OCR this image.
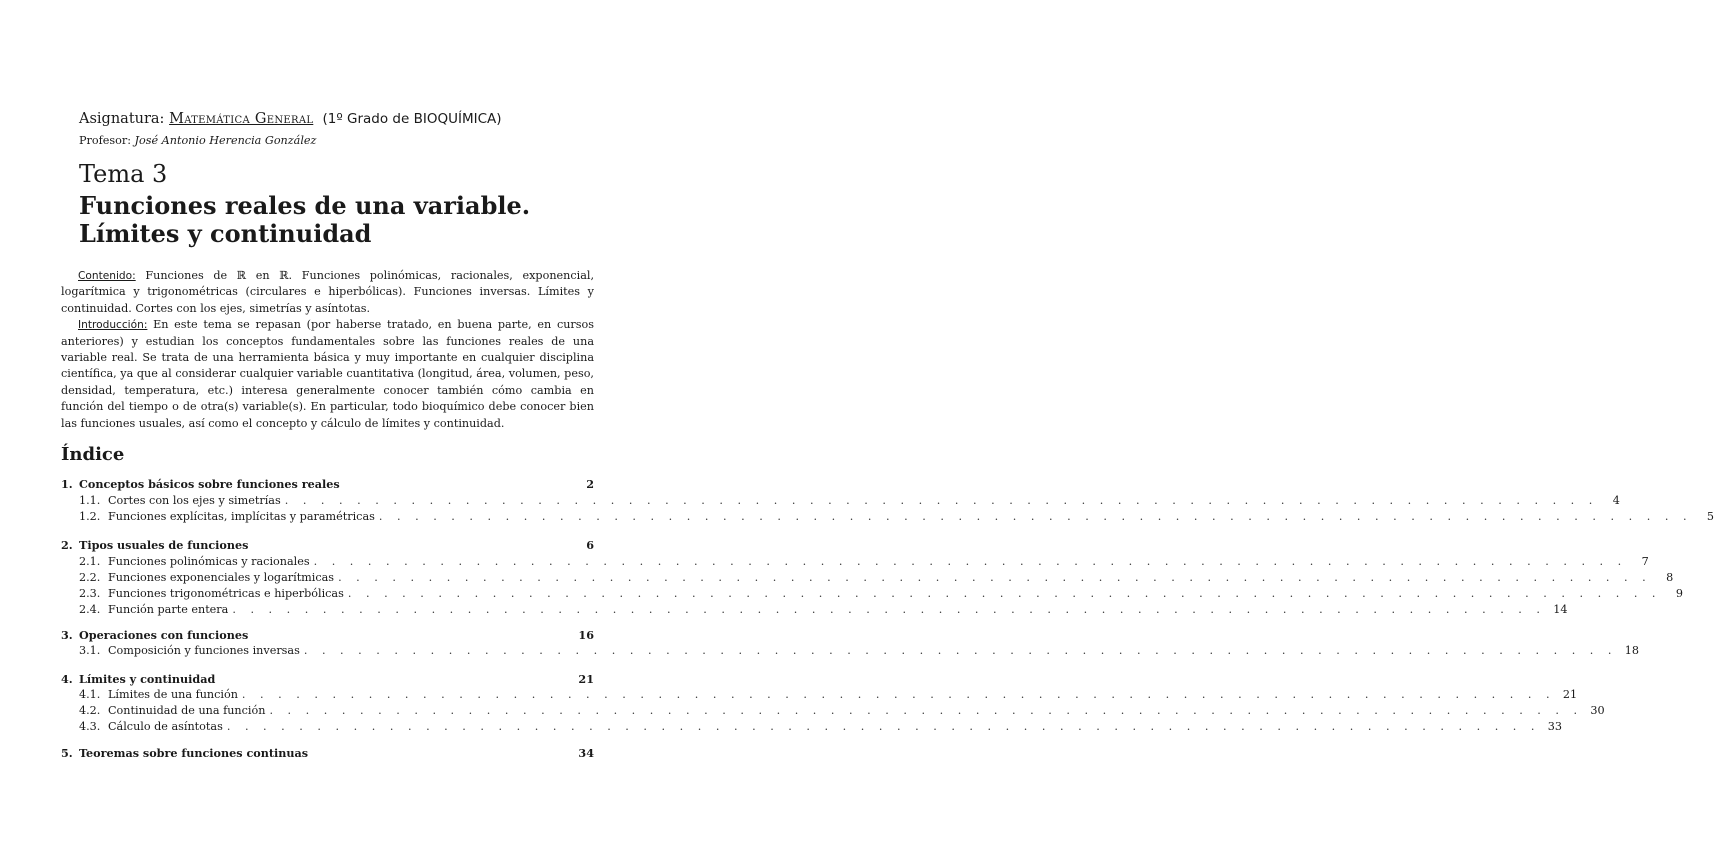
Asignatura: Matemática General (1º Grado de BIOQUÍMICA)
Profesor: José Antonio Herencia González
Tema 3
Funciones reales de una variable.
Límites y continuidad

Contenido: Funciones de ℝ en ℝ. Funciones polinómicas, racionales, exponencial, logarítmica y trigonométricas (circulares e hiperbólicas). Funciones inversas. Límites y continuidad. Cortes con los ejes, simetrías y asíntotas.

Introducción: En este tema se repasan (por haberse tratado, en buena parte, en cursos anteriores) y estudian los conceptos fundamentales sobre las funciones reales de una variable real. Se trata de una herramienta básica y muy importante en cualquier disciplina científica, ya que al considerar cualquier variable cuantitativa (longitud, área, volumen, peso, densidad, temperatura, etc.) interesa generalmente conocer también cómo cambia en función del tiempo o de otra(s) variable(s). En particular, todo bioquímico debe conocer bien las funciones usuales, así como el concepto y cálculo de límites y continuidad.

Índice
1. Conceptos básicos sobre funciones reales	2
1.1. Cortes con los ejes y simetrías . . . . . . . . . . . . . . . . . . . . . . . . . . . . . . . . . . . . . . . . . . . . . . . . . . . . . . . . . . . . . . . . . . . . . . . . .	4
1.2. Funciones explícitas, implícitas y paramétricas . . . . . . . . . . . . . . . . . . . . . . . . . . . . . . . . . . . . . . . . . . . . . . . . . . . . . . . . . . . . . . . . . . . . . . . . .	5
2. Tipos usuales de funciones	6
2.1. Funciones polinómicas y racionales . . . . . . . . . . . . . . . . . . . . . . . . . . . . . . . . . . . . . . . . . . . . . . . . . . . . . . . . . . . . . . . . . . . . . . . . .	7
2.2. Funciones exponenciales y logarítmicas . . . . . . . . . . . . . . . . . . . . . . . . . . . . . . . . . . . . . . . . . . . . . . . . . . . . . . . . . . . . . . . . . . . . . . . . .	8
2.3. Funciones trigonométricas e hiperbólicas . . . . . . . . . . . . . . . . . . . . . . . . . . . . . . . . . . . . . . . . . . . . . . . . . . . . . . . . . . . . . . . . . . . . . . . . .	9
2.4. Función parte entera . . . . . . . . . . . . . . . . . . . . . . . . . . . . . . . . . . . . . . . . . . . . . . . . . . . . . . . . . . . . . . . . . . . . . . . . . 14
3. Operaciones con funciones	16
3.1. Composición y funciones inversas . . . . . . . . . . . . . . . . . . . . . . . . . . . . . . . . . . . . . . . . . . . . . . . . . . . . . . . . . . . . . . . . . . . . . . . . . 18
4. Límites y continuidad	21
4.1. Límites de una función . . . . . . . . . . . . . . . . . . . . . . . . . . . . . . . . . . . . . . . . . . . . . . . . . . . . . . . . . . . . . . . . . . . . . . . . . 21
4.2. Continuidad de una función . . . . . . . . . . . . . . . . . . . . . . . . . . . . . . . . . . . . . . . . . . . . . . . . . . . . . . . . . . . . . . . . . . . . . . . . . 30
4.3. Cálculo de asíntotas . . . . . . . . . . . . . . . . . . . . . . . . . . . . . . . . . . . . . . . . . . . . . . . . . . . . . . . . . . . . . . . . . . . . . . . . . 33
5. Teoremas sobre funciones continuas	34
